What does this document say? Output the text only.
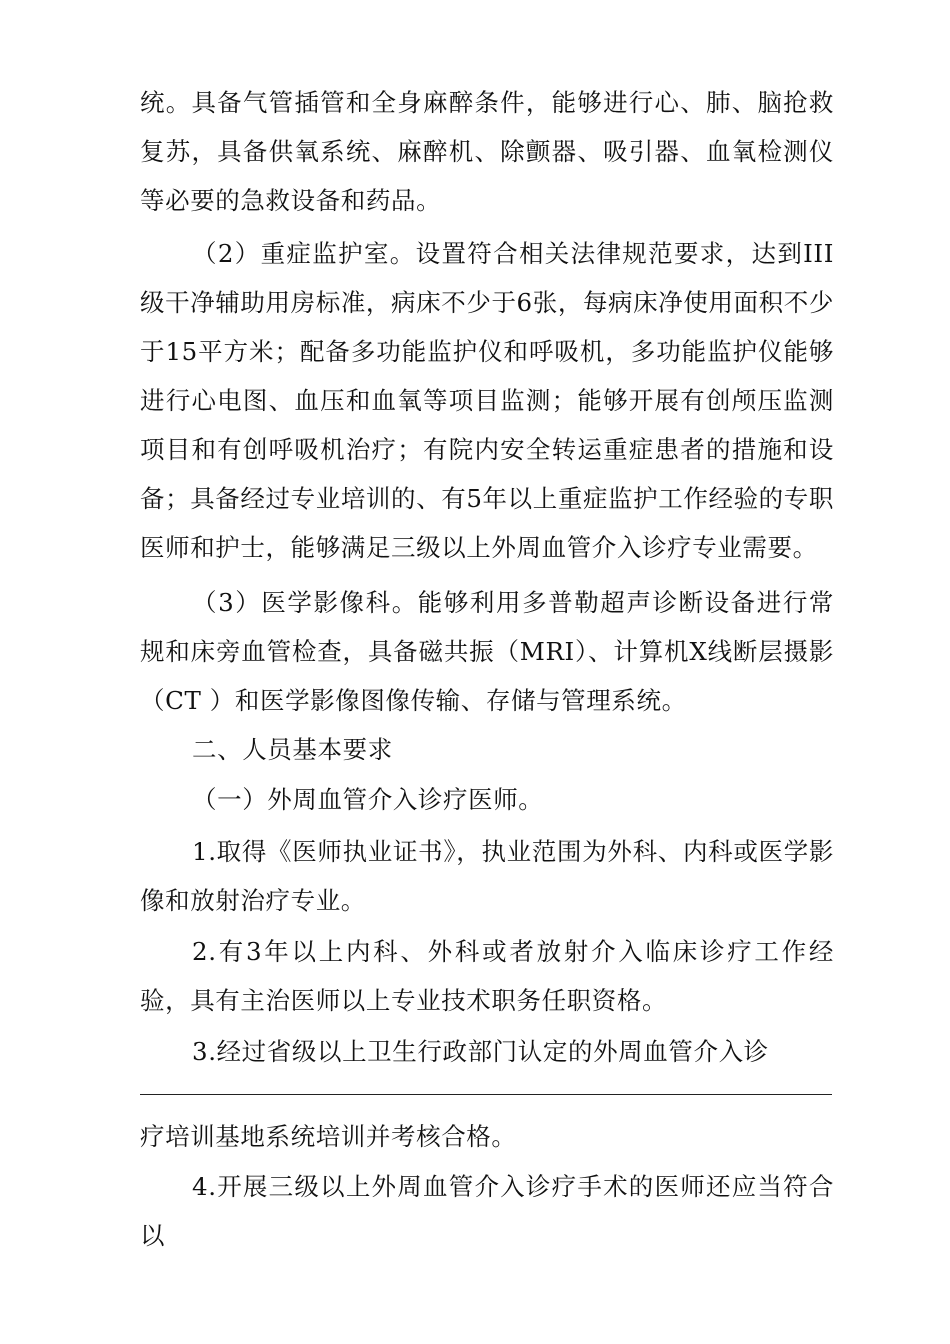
统。具备气管插管和全身麻醉条件，能够进行心、肺、脑抢救复苏，具备供氧系统、麻醉机、除颤器、吸引器、血氧检测仪等必要的急救设备和药品。

（2）重症监护室。设置符合相关法律规范要求，达到III级干净辅助用房标准，病床不少于6张，每病床净使用面积不少于15平方米；配备多功能监护仪和呼吸机，多功能监护仪能够进行心电图、血压和血氧等项目监测；能够开展有创颅压监测项目和有创呼吸机治疗；有院内安全转运重症患者的措施和设备；具备经过专业培训的、有5年以上重症监护工作经验的专职医师和护士，能够满足三级以上外周血管介入诊疗专业需要。

（3）医学影像科。能够利用多普勒超声诊断设备进行常规和床旁血管检查，具备磁共振（MRI）、计算机X线断层摄影（CT ）和医学影像图像传输、存储与管理系统。

二、人员基本要求

（一）外周血管介入诊疗医师。

1.取得《医师执业证书》，执业范围为外科、内科或医学影像和放射治疗专业。

2.有3年以上内科、外科或者放射介入临床诊疗工作经验，具有主治医师以上专业技术职务任职资格。

3.经过省级以上卫生行政部门认定的外周血管介入诊

疗培训基地系统培训并考核合格。

4.开展三级以上外周血管介入诊疗手术的医师还应当符合以
